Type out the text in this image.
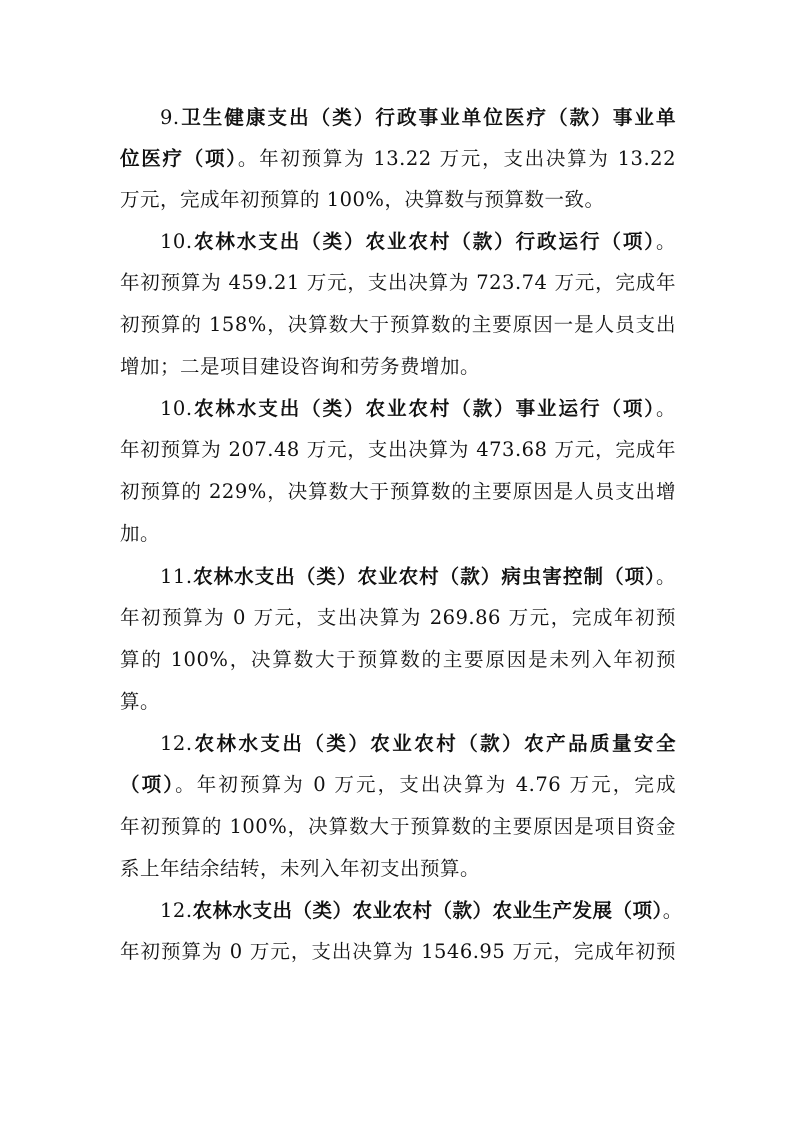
9.卫生健康支出（类）行政事业单位医疗（款）事业单
位医疗（项）。年初预算为 13.22 万元，支出决算为 13.22
万元，完成年初预算的 100%，决算数与预算数一致。
10.农林水支出（类）农业农村（款）行政运行（项）。
年初预算为 459.21 万元，支出决算为 723.74 万元，完成年
初预算的 158%，决算数大于预算数的主要原因一是人员支出
增加；二是项目建设咨询和劳务费增加。
10.农林水支出（类）农业农村（款）事业运行（项）。
年初预算为 207.48 万元，支出决算为 473.68 万元，完成年
初预算的 229%，决算数大于预算数的主要原因是人员支出增
加。
11.农林水支出（类）农业农村（款）病虫害控制（项）。
年初预算为 0 万元，支出决算为 269.86 万元，完成年初预
算的 100%，决算数大于预算数的主要原因是未列入年初预
算。
12.农林水支出（类）农业农村（款）农产品质量安全
（项）。年初预算为 0 万元，支出决算为 4.76 万元，完成
年初预算的 100%，决算数大于预算数的主要原因是项目资金
系上年结余结转，未列入年初支出预算。
12.农林水支出（类）农业农村（款）农业生产发展（项）。
年初预算为 0 万元，支出决算为 1546.95 万元，完成年初预
